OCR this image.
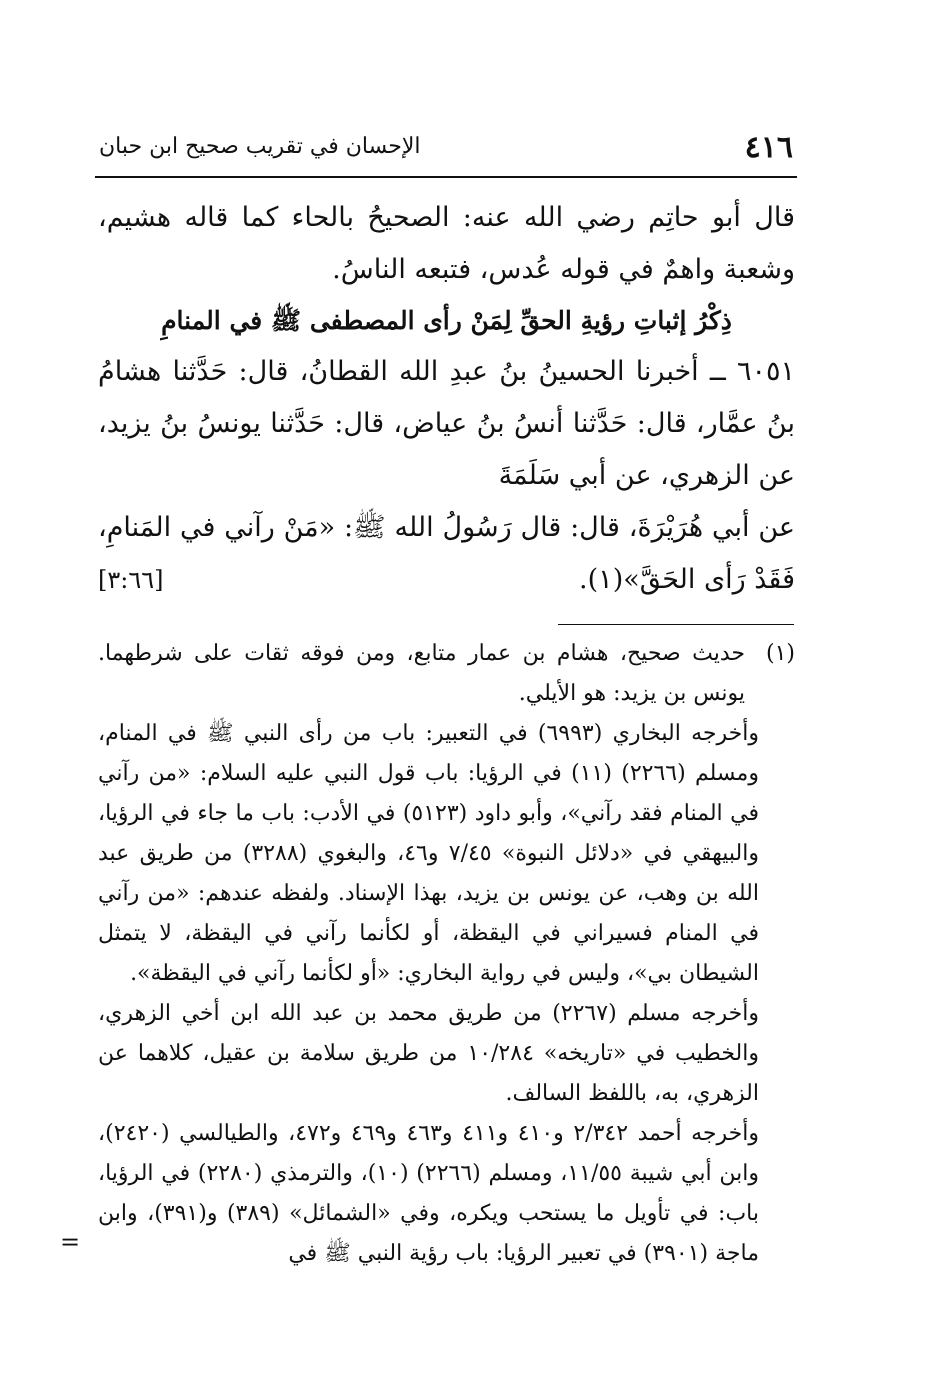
٤١٦
الإحسان في تقريب صحيح ابن حبان

قال أبو حاتِم رضي الله عنه: الصحيحُ بالحاء كما قاله هشيم، وشعبة واهمٌ في قوله عُدس، فتبعه الناسُ.

ذِكْرُ إثباتِ رؤيةِ الحقِّ لِمَنْ رأى المصطفى ﷺ في المنامِ

٦٠٥١ ــ أخبرنا الحسينُ بنُ عبدِ الله القطانُ، قال: حَدَّثنا هشامُ بنُ عمَّار، قال: حَدَّثنا أنسُ بنُ عياض، قال: حَدَّثنا يونسُ بنُ يزيد، عن الزهري، عن أبي سَلَمَةَ

عن أبي هُرَيْرَةَ، قال: قال رَسُولُ الله ﷺ: «مَنْ رآني في المَنامِ، فَقَدْ رَأى الحَقَّ»(١).
[٣:٦٦]

(١)
حديث صحيح، هشام بن عمار متابع، ومن فوقه ثقات على شرطهما. يونس بن يزيد: هو الأيلي.

وأخرجه البخاري (٦٩٩٣) في التعبير: باب من رأى النبي ﷺ في المنام، ومسلم (٢٢٦٦) (١١) في الرؤيا: باب قول النبي عليه السلام: «من رآني في المنام فقد رآني»، وأبو داود (٥١٢٣) في الأدب: باب ما جاء في الرؤيا، والبيهقي في «دلائل النبوة» ٧/٤٥ و٤٦، والبغوي (٣٢٨٨) من طريق عبد الله بن وهب، عن يونس بن يزيد، بهذا الإسناد. ولفظه عندهم: «من رآني في المنام فسيراني في اليقظة، أو لكأنما رآني في اليقظة، لا يتمثل الشيطان بي»، وليس في رواية البخاري: «أو لكأنما رآني في اليقظة».

وأخرجه مسلم (٢٢٦٧) من طريق محمد بن عبد الله ابن أخي الزهري، والخطيب في «تاريخه» ١٠/٢٨٤ من طريق سلامة بن عقيل، كلاهما عن الزهري، به، باللفظ السالف.

وأخرجه أحمد ٢/٣٤٢ و٤١٠ و٤١١ و٤٦٣ و٤٦٩ و٤٧٢، والطيالسي (٢٤٢٠)، وابن أبي شيبة ١١/٥٥، ومسلم (٢٢٦٦) (١٠)، والترمذي (٢٢٨٠) في الرؤيا، باب: في تأويل ما يستحب ويكره، وفي «الشمائل» (٣٨٩) و(٣٩١)، وابن ماجة (٣٩٠١) في تعبير الرؤيا: باب رؤية النبي ﷺ في

=
